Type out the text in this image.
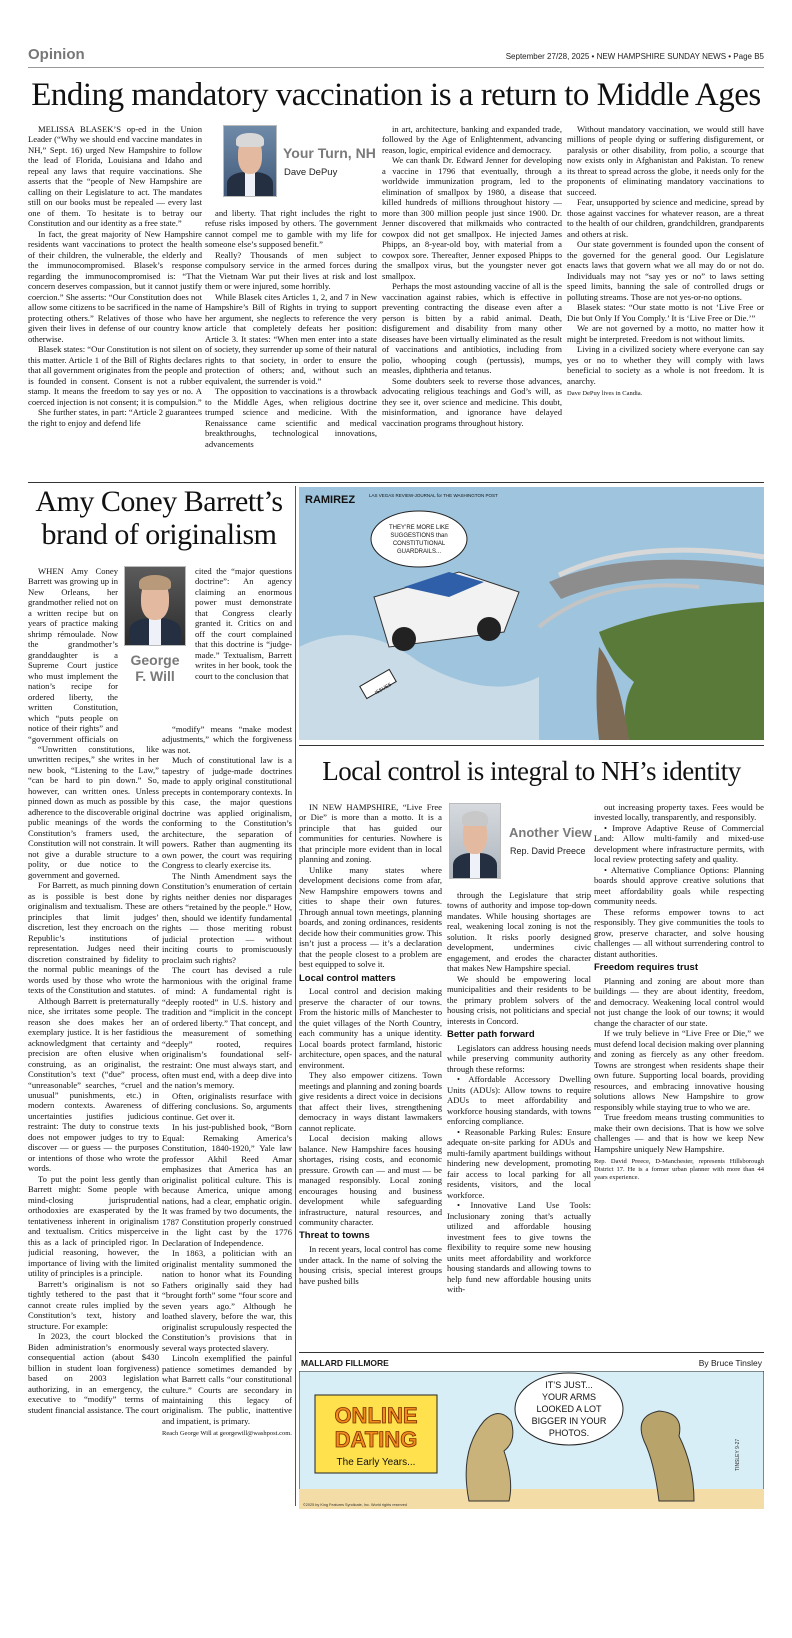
Opinion	September 27/28, 2025 • NEW HAMPSHIRE SUNDAY NEWS • Page B5
Ending mandatory vaccination is a return to Middle Ages

MELISSA BLASEK’S op-ed in the Union Leader (“Why we should end vaccine mandates in NH,” Sept. 16) urged New Hampshire to follow the lead of Florida, Louisiana and Idaho and repeal any laws that require vaccinations. She asserts that the “people of New Hampshire are calling on their Legislature to act. The mandates still on our books must be repealed — every last one of them. To hesitate is to betray our Constitution and our identity as a free state.”

In fact, the great majority of New Hampshire residents want vaccinations to protect the health of their children, the vulnerable, the elderly and the immunocompromised. Blasek’s response regarding the immunocompromised is: “That concern deserves compassion, but it cannot justify coercion.” She asserts: “Our Constitution does not allow some citizens to be sacrificed in the name of protecting others.” Relatives of those who have given their lives in defense of our country know otherwise.

Blasek states: “Our Constitution is not silent on this matter. Article 1 of the Bill of Rights declares that all government originates from the people and is founded in consent. Consent is not a rubber stamp. It means the freedom to say yes or no. A coerced injection is not consent; it is compulsion.”

She further states, in part: “Article 2 guarantees the right to enjoy and defend life

Your Turn, NH
Dave DePuy

and liberty. That right includes the right to refuse risks imposed by others. The government cannot compel me to gamble with my life for someone else’s supposed benefit.”

Really? Thousands of men subject to compulsory service in the armed forces during the Vietnam War put their lives at risk and lost them or were injured, some horribly.

While Blasek cites Articles 1, 2, and 7 in New Hampshire’s Bill of Rights in trying to support her argument, she neglects to reference the very article that completely defeats her position: Article 3. It states: “When men enter into a state of society, they surrender up some of their natural rights to that society, in order to ensure the protection of others; and, without such an equivalent, the surrender is void.”

The opposition to vaccinations is a throwback to the Middle Ages, when religious doctrine trumped science and medicine. With the Renaissance came scientific and medical breakthroughs, technological innovations, advancements

in art, architecture, banking and expanded trade, followed by the Age of Enlightenment, advancing reason, logic, empirical evidence and democracy.

We can thank Dr. Edward Jenner for developing a vaccine in 1796 that eventually, through a worldwide immunization program, led to the elimination of smallpox by 1980, a disease that killed hundreds of millions throughout history — more than 300 million people just since 1900. Dr. Jenner discovered that milkmaids who contracted cowpox did not get smallpox. He injected James Phipps, an 8-year-old boy, with material from a cowpox sore. Thereafter, Jenner exposed Phipps to the smallpox virus, but the youngster never got smallpox.

Perhaps the most astounding vaccine of all is the vaccination against rabies, which is effective in preventing contracting the disease even after a person is bitten by a rabid animal. Death, disfigurement and disability from many other diseases have been virtually eliminated as the result of vaccinations and antibiotics, including from polio, whooping cough (pertussis), mumps, measles, diphtheria and tetanus.

Some doubters seek to reverse those advances, advocating religious teachings and God’s will, as they see it, over science and medicine. This doubt, misinformation, and ignorance have delayed vaccination programs throughout history.

Without mandatory vaccination, we would still have millions of people dying or suffering disfigurement, or paralysis or other disability, from polio, a scourge that now exists only in Afghanistan and Pakistan. To renew its threat to spread across the globe, it needs only for the proponents of eliminating mandatory vaccinations to succeed.

Fear, unsupported by science and medicine, spread by those against vaccines for whatever reason, are a threat to the health of our children, grandchildren, grandparents and others at risk.

Our state government is founded upon the consent of the governed for the general good. Our Legislature enacts laws that govern what we all may do or not do. Individuals may not “say yes or no” to laws setting speed limits, banning the sale of controlled drugs or polluting streams. Those are not yes-or-no options.

Blasek states: “Our state motto is not ‘Live Free or Die but Only If You Comply.’ It is ‘Live Free or Die.’”

We are not governed by a motto, no matter how it might be interpreted. Freedom is not without limits.

Living in a civilized society where everyone can say yes or no to whether they will comply with laws beneficial to society as a whole is not freedom. It is anarchy.

Dave DePuy lives in Candia.

Amy Coney Barrett’s
brand of originalism
WHEN Amy Coney Barrett was growing up in New Orleans, her grandmother relied not on a written recipe but on years of practice making shrimp rémoulade. Now the grandmother’s granddaughter is a Supreme Court justice who must implement the nation’s recipe for ordered liberty, the written Constitution, which “puts people on notice of their rights” and “government officials on
George
F. Will
cited the “major questions doctrine”: An agency claiming an enormous power must demonstrate that Congress clearly granted it. Critics on and off the court complained that this doctrine is “judge-made.” Textualism, Barrett writes in her book, took the court to the conclusion that

“Unwritten constitutions, like unwritten recipes,” she writes in her new book, “Listening to the Law,” “can be hard to pin down.” So, however, can written ones. Unless pinned down as much as possible by adherence to the discoverable original public meanings of the words the Constitution’s framers used, the Constitution will not constrain. It will not give a durable structure to a polity, or due notice to the government and governed.

For Barrett, as much pinning down as is possible is best done by originalism and textualism. These are principles that limit judges’ discretion, lest they encroach on the Republic’s institutions of representation. Judges need their discretion constrained by fidelity to the normal public meanings of the words used by those who wrote the texts of the Constitution and statutes.

Although Barrett is preternaturally nice, she irritates some people. The reason she does makes her an exemplary justice. It is her fastidious acknowledgment that certainty and precision are often elusive when construing, as an originalist, the Constitution’s text (“due” process, “unreasonable” searches, “cruel and unusual” punishments, etc.) in modern contexts. Awareness of uncertainties justifies judicious restraint: The duty to construe texts does not empower judges to try to discover — or guess — the purposes or intentions of those who wrote the words.

To put the point less gently than Barrett might: Some people with mind-closing jurisprudential orthodoxies are exasperated by the tentativeness inherent in originalism and textualism. Critics misperceive this as a lack of principled rigor. In judicial reasoning, however, the importance of living with the limited utility of principles is a principle.

Barrett’s originalism is not so tightly tethered to the past that it cannot create rules implied by the Constitution’s text, history and structure. For example:

In 2023, the court blocked the Biden administration’s enormously consequential action (about $430 billion in student loan forgiveness) based on 2003 legislation authorizing, in an emergency, the executive to “modify” terms of student financial assistance. The court

“modify” means “make modest adjustments,” which the forgiveness was not.

Much of constitutional law is a tapestry of judge-made doctrines made to apply original constitutional precepts in contemporary contexts. In this case, the major questions doctrine was applied originalism, conforming to the Constitution’s architecture, the separation of powers. Rather than augmenting its own power, the court was requiring Congress to clearly exercise its.

The Ninth Amendment says the Constitution’s enumeration of certain rights neither denies nor disparages others “retained by the people.” How, then, should we identify fundamental rights — those meriting robust judicial protection — without inciting courts to promiscuously proclaim such rights?

The court has devised a rule harmonious with the original frame of mind: A fundamental right is “deeply rooted” in U.S. history and tradition and “implicit in the concept of ordered liberty.” That concept, and the measurement of something “deeply” rooted, requires originalism’s foundational self-restraint: One must always start, and often must end, with a deep dive into the nation’s memory.

Often, originalists resurface with differing conclusions. So, arguments continue. Get over it.

In his just-published book, “Born Equal: Remaking America’s Constitution, 1840-1920,” Yale law professor Akhil Reed Amar emphasizes that America has an originalist political culture. This is because America, unique among nations, had a clear, emphatic origin. It was framed by two documents, the 1787 Constitution properly construed in the light cast by the 1776 Declaration of Independence.

In 1863, a politician with an originalist mentality summoned the nation to honor what its Founding Fathers originally said they had “brought forth” some “four score and seven years ago.” Although he loathed slavery, before the war, this originalist scrupulously respected the Constitution’s provisions that in several ways protected slavery.

Lincoln exemplified the painful patience sometimes demanded by what Barrett calls “our constitutional culture.” Courts are secondary in maintaining this legacy of originalism. The public, inattentive and impatient, is primary.

Reach George Will at georgewill@washpost.com.

RAMIREZ	LAS VEGAS REVIEW-JOURNAL for THE WASHINGTON POST
THEY’RE MORE LIKE
SUGGESTIONS than
CONSTITUTIONAL
GUARDRAILS...
ISSUES
Local control is integral to NH’s identity

IN NEW HAMPSHIRE, “Live Free or Die” is more than a motto. It is a principle that has guided our communities for centuries. Nowhere is that principle more evident than in local planning and zoning.

Unlike many states where development decisions come from afar, New Hampshire empowers towns and cities to shape their own futures. Through annual town meetings, planning boards, and zoning ordinances, residents decide how their communities grow. This isn’t just a process — it’s a declaration that the people closest to a problem are best equipped to solve it.

Local control matters

Local control and decision making preserve the character of our towns. From the historic mills of Manchester to the quiet villages of the North Country, each community has a unique identity. Local boards protect farmland, historic architecture, open spaces, and the natural environment.

They also empower citizens. Town meetings and planning and zoning boards give residents a direct voice in decisions that affect their lives, strengthening democracy in ways distant lawmakers cannot replicate.

Local decision making allows balance. New Hampshire faces housing shortages, rising costs, and economic pressure. Growth can — and must — be managed responsibly. Local zoning encourages housing and business development while safeguarding infrastructure, natural resources, and community character.

Threat to towns

In recent years, local control has come under attack. In the name of solving the housing crisis, special interest groups have pushed bills

Another View
Rep. David Preece

through the Legislature that strip towns of authority and impose top-down mandates. While housing shortages are real, weakening local zoning is not the solution. It risks poorly designed development, undermines civic engagement, and erodes the character that makes New Hampshire special.

We should be empowering local municipalities and their residents to be the primary problem solvers of the housing crisis, not politicians and special interests in Concord.

Better path forward

Legislators can address housing needs while preserving community authority through these reforms:

• Affordable Accessory Dwelling Units (ADUs): Allow towns to require ADUs to meet affordability and workforce housing standards, with towns enforcing compliance.

• Reasonable Parking Rules: Ensure adequate on-site parking for ADUs and multi-family apartment buildings without hindering new development, promoting fair access to local parking for all residents, visitors, and the local workforce.

• Innovative Land Use Tools: Inclusionary zoning that’s actually utilized and affordable housing investment fees to give towns the flexibility to require some new housing units meet affordability and workforce housing standards and allowing towns to help fund new affordable housing units with-

out increasing property taxes. Fees would be invested locally, transparently, and responsibly.

• Improve Adaptive Reuse of Commercial Land: Allow multi-family and mixed-use development where infrastructure permits, with local review protecting safety and quality.

• Alternative Compliance Options: Planning boards should approve creative solutions that meet affordability goals while respecting community needs.

These reforms empower towns to act responsibly. They give communities the tools to grow, preserve character, and solve housing challenges — all without surrendering control to distant authorities.

Freedom requires trust

Planning and zoning are about more than buildings — they are about identity, freedom, and democracy. Weakening local control would not just change the look of our towns; it would change the character of our state.

If we truly believe in “Live Free or Die,” we must defend local decision making over planning and zoning as fiercely as any other freedom. Towns are strongest when residents shape their own future. Supporting local boards, providing resources, and embracing innovative housing solutions allows New Hampshire to grow responsibly while staying true to who we are.

True freedom means trusting communities to make their own decisions. That is how we solve challenges — and that is how we keep New Hampshire uniquely New Hampshire.

Rep. David Preece, D-Manchester, represents Hillsborough District 17. He is a former urban planner with more than 44 years experience.

MALLARD FILLMORE	By Bruce Tinsley
ONLINE
DATING
The Early Years...
IT’S JUST...
YOUR ARMS
LOOKED A LOT
BIGGER IN YOUR
PHOTOS.
TINSLEY 9-27
©2025 by King Features Syndicate, Inc. World rights reserved
